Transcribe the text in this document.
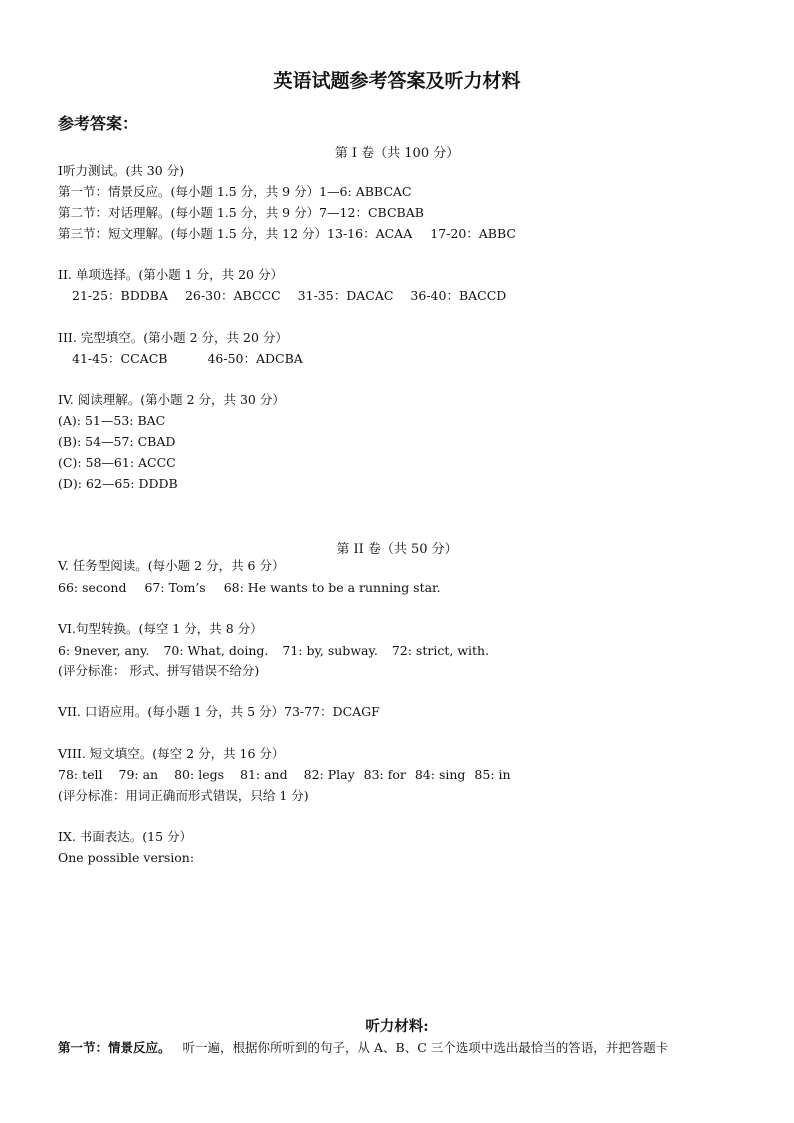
英语试题参考答案及听力材料
参考答案：
第 I 卷（共 100 分）
I听力测试。(共 30 分)
第一节：情景反应。(每小题 1.5 分，共 9 分）1—6: ABBCAC
第二节：对话理解。(每小题 1.5 分，共 9 分）7—12：CBCBAB
第三节：短文理解。(每小题 1.5 分，共 12 分）13-16：ACAA 17-20：ABBC
II. 单项选择。(第小题 1 分，共 20 分）
21-25：BDDBA 26-30：ABCCC 31-35：DACAC 36-40：BACCD
III. 完型填空。(第小题 2 分，共 20 分）
41-45：CCACB	46-50：ADCBA
IV. 阅读理解。(第小题 2 分，共 30 分）
(A): 51—53: BAC
(B): 54—57: CBAD
(C): 58—61: ACCC
(D): 62—65: DDDB
第 II 卷（共 50 分）
V. 任务型阅读。(每小题 2 分，共 6 分）
66: second 67: Tom’s 68: He wants to be a running star.
VI.句型转换。(每空 1 分，共 8 分）
6: 9never, any. 70: What, doing. 71: by, subway. 72: strict, with.
(评分标准： 形式、拼写错误不给分)
VII. 口语应用。(每小题 1 分，共 5 分）73-77：DCAGF
VIII. 短文填空。(每空 2 分，共 16 分）
78: tell 79: an 80: legs 81: and 82: Play 83: for 84: sing 85: in
(评分标准：用词正确而形式错误，只给 1 分)
IX. 书面表达。(15 分）
One possible version:
听力材料:
第一节：情景反应。 听一遍，根据你所听到的句子，从 A、B、C 三个选项中选出最恰当的答语，并把答题卡
